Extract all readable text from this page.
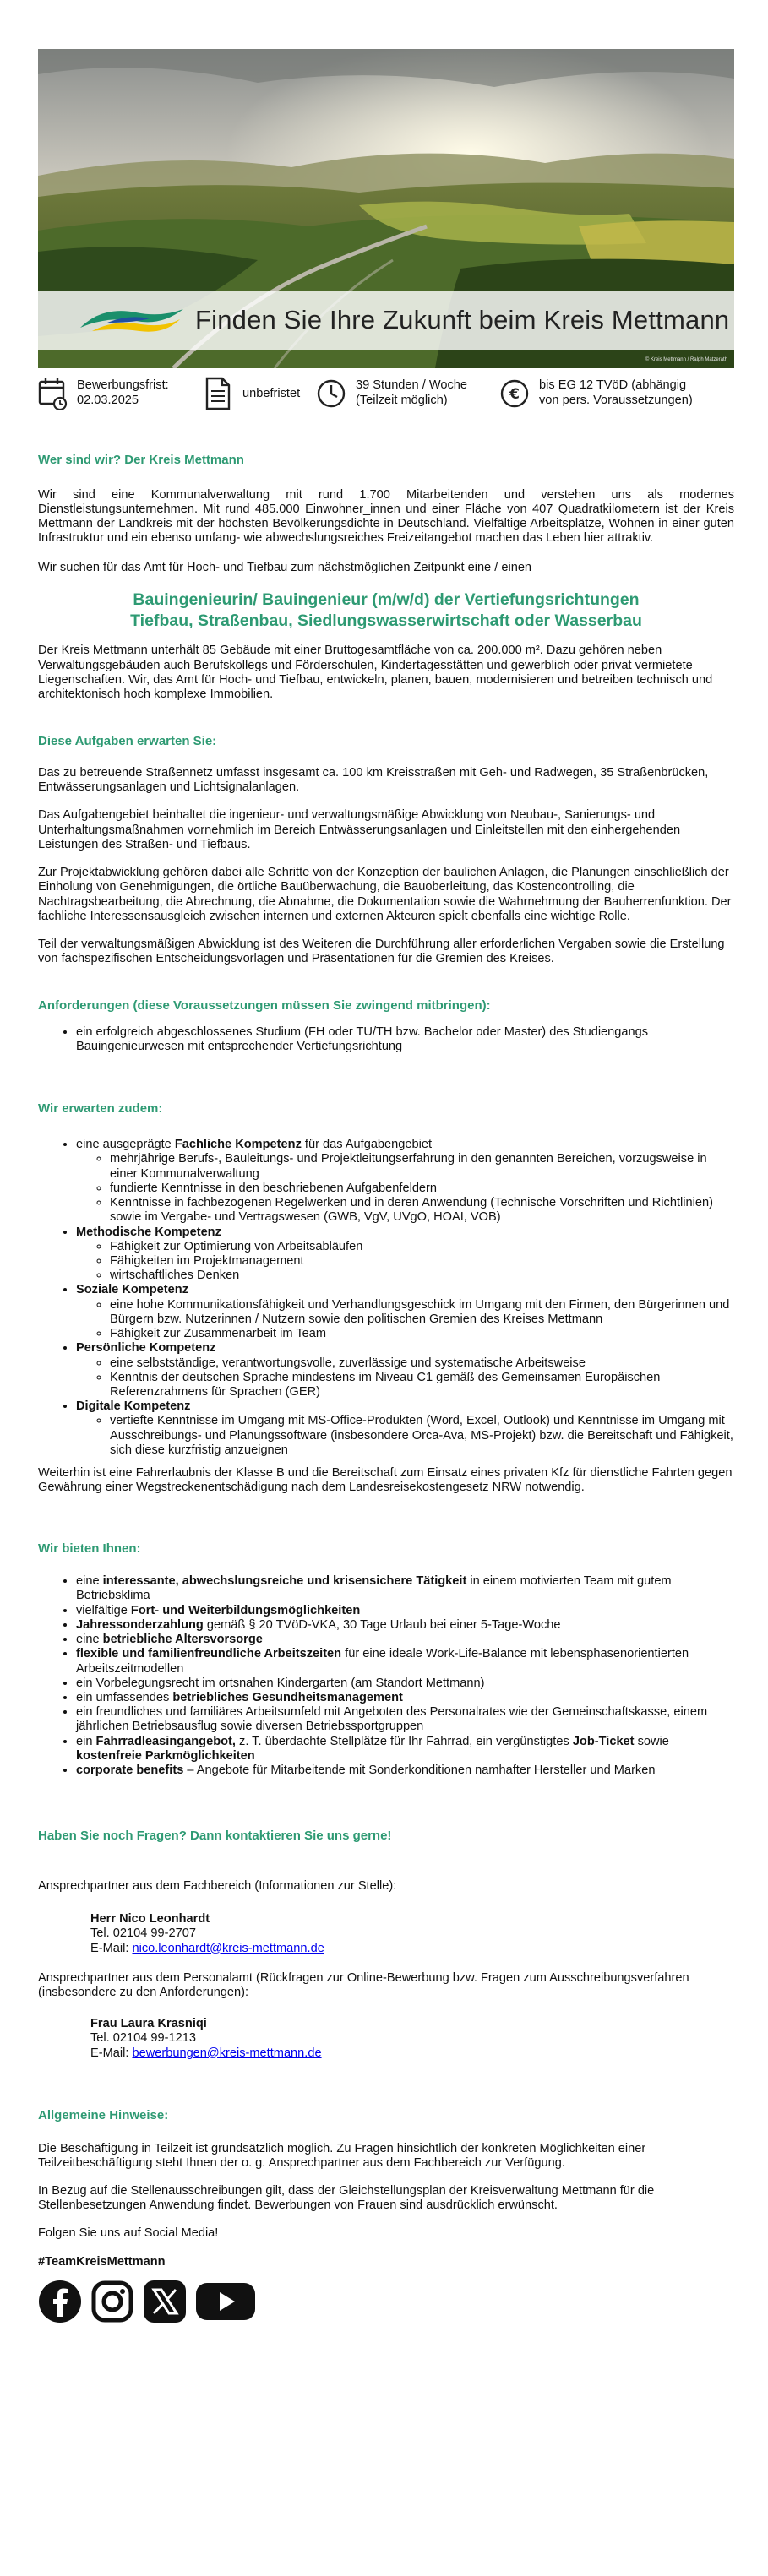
Finden Sie Ihre Zukunft beim Kreis Mettmann
© Kreis Mettmann / Ralph Matzerath
Bewerbungsfrist:
02.03.2025	unbefristet
39 Stunden / Woche
(Teilzeit möglich)	€
bis EG 12 TVöD (abhängig
von pers. Voraussetzungen)
Wer sind wir? Der Kreis Mettmann

Wir sind eine Kommunalverwaltung mit rund 1.700 Mitarbeitenden und verstehen uns als modernes Dienstleistungsunternehmen. Mit rund 485.000 Einwohner_innen und einer Fläche von 407 Quadratkilometern ist der Kreis Mettmann der Landkreis mit der höchsten Bevölkerungsdichte in Deutschland. Vielfältige Arbeitsplätze, Wohnen in einer guten Infrastruktur und ein ebenso umfang- wie abwechslungsreiches Freizeitangebot machen das Leben hier attraktiv.

Wir suchen für das Amt für Hoch- und Tiefbau zum nächstmöglichen Zeitpunkt eine / einen

Bauingenieurin/ Bauingenieur (m/w/d) der Vertiefungsrichtungen
Tiefbau, Straßenbau, Siedlungswasserwirtschaft oder Wasserbau

Der Kreis Mettmann unterhält 85 Gebäude mit einer Bruttogesamtfläche von ca. 200.000 m². Dazu gehören neben Verwaltungsgebäuden auch Berufskollegs und Förderschulen, Kindertagesstätten und gewerblich oder privat vermietete Liegenschaften. Wir, das Amt für Hoch- und Tiefbau, entwickeln, planen, bauen, modernisieren und betreiben technisch und architektonisch hoch komplexe Immobilien.

Diese Aufgaben erwarten Sie:

Das zu betreuende Straßennetz umfasst insgesamt ca. 100 km Kreisstraßen mit Geh- und Radwegen, 35 Straßenbrücken, Entwässerungsanlagen und Lichtsignalanlagen.

Das Aufgabengebiet beinhaltet die ingenieur- und verwaltungsmäßige Abwicklung von Neubau-, Sanierungs- und Unterhaltungsmaßnahmen vornehmlich im Bereich Entwässerungsanlagen und Einleitstellen mit den einhergehenden Leistungen des Straßen- und Tiefbaus.

Zur Projektabwicklung gehören dabei alle Schritte von der Konzeption der baulichen Anlagen, die Planungen einschließlich der Einholung von Genehmigungen, die örtliche Bauüberwachung, die Bauoberleitung, das Kostencontrolling, die Nachtragsbearbeitung, die Abrechnung, die Abnahme, die Dokumentation sowie die Wahrnehmung der Bauherrenfunktion. Der fachliche Interessensausgleich zwischen internen und externen Akteuren spielt ebenfalls eine wichtige Rolle.

Teil der verwaltungsmäßigen Abwicklung ist des Weiteren die Durchführung aller erforderlichen Vergaben sowie die Erstellung von fachspezifischen Entscheidungsvorlagen und Präsentationen für die Gremien des Kreises.

Anforderungen (diese Voraussetzungen müssen Sie zwingend mitbringen):
• ein erfolgreich abgeschlossenes Studium (FH oder TU/TH bzw. Bachelor oder Master) des Studiengangs Bauingenieurwesen mit entsprechender Vertiefungsrichtung
Wir erwarten zudem:
• eine ausgeprägte Fachliche Kompetenz für das Aufgabengebiet
◦ mehrjährige Berufs-, Bauleitungs- und Projektleitungserfahrung in den genannten Bereichen, vorzugsweise in einer Kommunalverwaltung
◦ fundierte Kenntnisse in den beschriebenen Aufgabenfeldern
◦ Kenntnisse in fachbezogenen Regelwerken und in deren Anwendung (Technische Vorschriften und Richtlinien) sowie im Vergabe- und Vertragswesen (GWB, VgV, UVgO, HOAI, VOB)
• Methodische Kompetenz
◦ Fähigkeit zur Optimierung von Arbeitsabläufen
◦ Fähigkeiten im Projektmanagement
◦ wirtschaftliches Denken
• Soziale Kompetenz
◦ eine hohe Kommunikationsfähigkeit und Verhandlungsgeschick im Umgang mit den Firmen, den Bürgerinnen und Bürgern bzw. Nutzerinnen / Nutzern sowie den politischen Gremien des Kreises Mettmann
◦ Fähigkeit zur Zusammenarbeit im Team
• Persönliche Kompetenz
◦ eine selbstständige, verantwortungsvolle, zuverlässige und systematische Arbeitsweise
◦ Kenntnis der deutschen Sprache mindestens im Niveau C1 gemäß des Gemeinsamen Europäischen Referenzrahmens für Sprachen (GER)
• Digitale Kompetenz
◦ vertiefte Kenntnisse im Umgang mit MS-Office-Produkten (Word, Excel, Outlook) und Kenntnisse im Umgang mit Ausschreibungs- und Planungssoftware (insbesondere Orca-Ava, MS-Projekt) bzw. die Bereitschaft und Fähigkeit, sich diese kurzfristig anzueignen

Weiterhin ist eine Fahrerlaubnis der Klasse B und die Bereitschaft zum Einsatz eines privaten Kfz für dienstliche Fahrten gegen Gewährung einer Wegstreckenentschädigung nach dem Landesreisekostengesetz NRW notwendig.

Wir bieten Ihnen:
• eine interessante, abwechslungsreiche und krisensichere Tätigkeit in einem motivierten Team mit gutem Betriebsklima
• vielfältige Fort- und Weiterbildungsmöglichkeiten
• Jahressonderzahlung gemäß § 20 TVöD-VKA, 30 Tage Urlaub bei einer 5-Tage-Woche
• eine betriebliche Altersvorsorge
• flexible und familienfreundliche Arbeitszeiten für eine ideale Work-Life-Balance mit lebensphasenorientierten Arbeitszeitmodellen
• ein Vorbelegungsrecht im ortsnahen Kindergarten (am Standort Mettmann)
• ein umfassendes betriebliches Gesundheitsmanagement
• ein freundliches und familiäres Arbeitsumfeld mit Angeboten des Personalrates wie der Gemeinschaftskasse, einem jährlichen Betriebsausflug sowie diversen Betriebssportgruppen
• ein Fahrradleasingangebot, z. T. überdachte Stellplätze für Ihr Fahrrad, ein vergünstigtes Job-Ticket sowie kostenfreie Parkmöglichkeiten
• corporate benefits – Angebote für Mitarbeitende mit Sonderkonditionen namhafter Hersteller und Marken
Haben Sie noch Fragen? Dann kontaktieren Sie uns gerne!

Ansprechpartner aus dem Fachbereich (Informationen zur Stelle):

Herr Nico Leonhardt
Tel. 02104 99-2707
E-Mail: nico.leonhardt@kreis-mettmann.de

Ansprechpartner aus dem Personalamt (Rückfragen zur Online-Bewerbung bzw. Fragen zum Ausschreibungsverfahren (insbesondere zu den Anforderungen):

Frau Laura Krasniqi
Tel. 02104 99-1213
E-Mail: bewerbungen@kreis-mettmann.de
Allgemeine Hinweise:

Die Beschäftigung in Teilzeit ist grundsätzlich möglich. Zu Fragen hinsichtlich der konkreten Möglichkeiten einer Teilzeitbeschäftigung steht Ihnen der o. g. Ansprechpartner aus dem Fachbereich zur Verfügung.

In Bezug auf die Stellenausschreibungen gilt, dass der Gleichstellungsplan der Kreisverwaltung Mettmann für die Stellenbesetzungen Anwendung findet. Bewerbungen von Frauen sind ausdrücklich erwünscht.

Folgen Sie uns auf Social Media!

#TeamKreisMettmann
